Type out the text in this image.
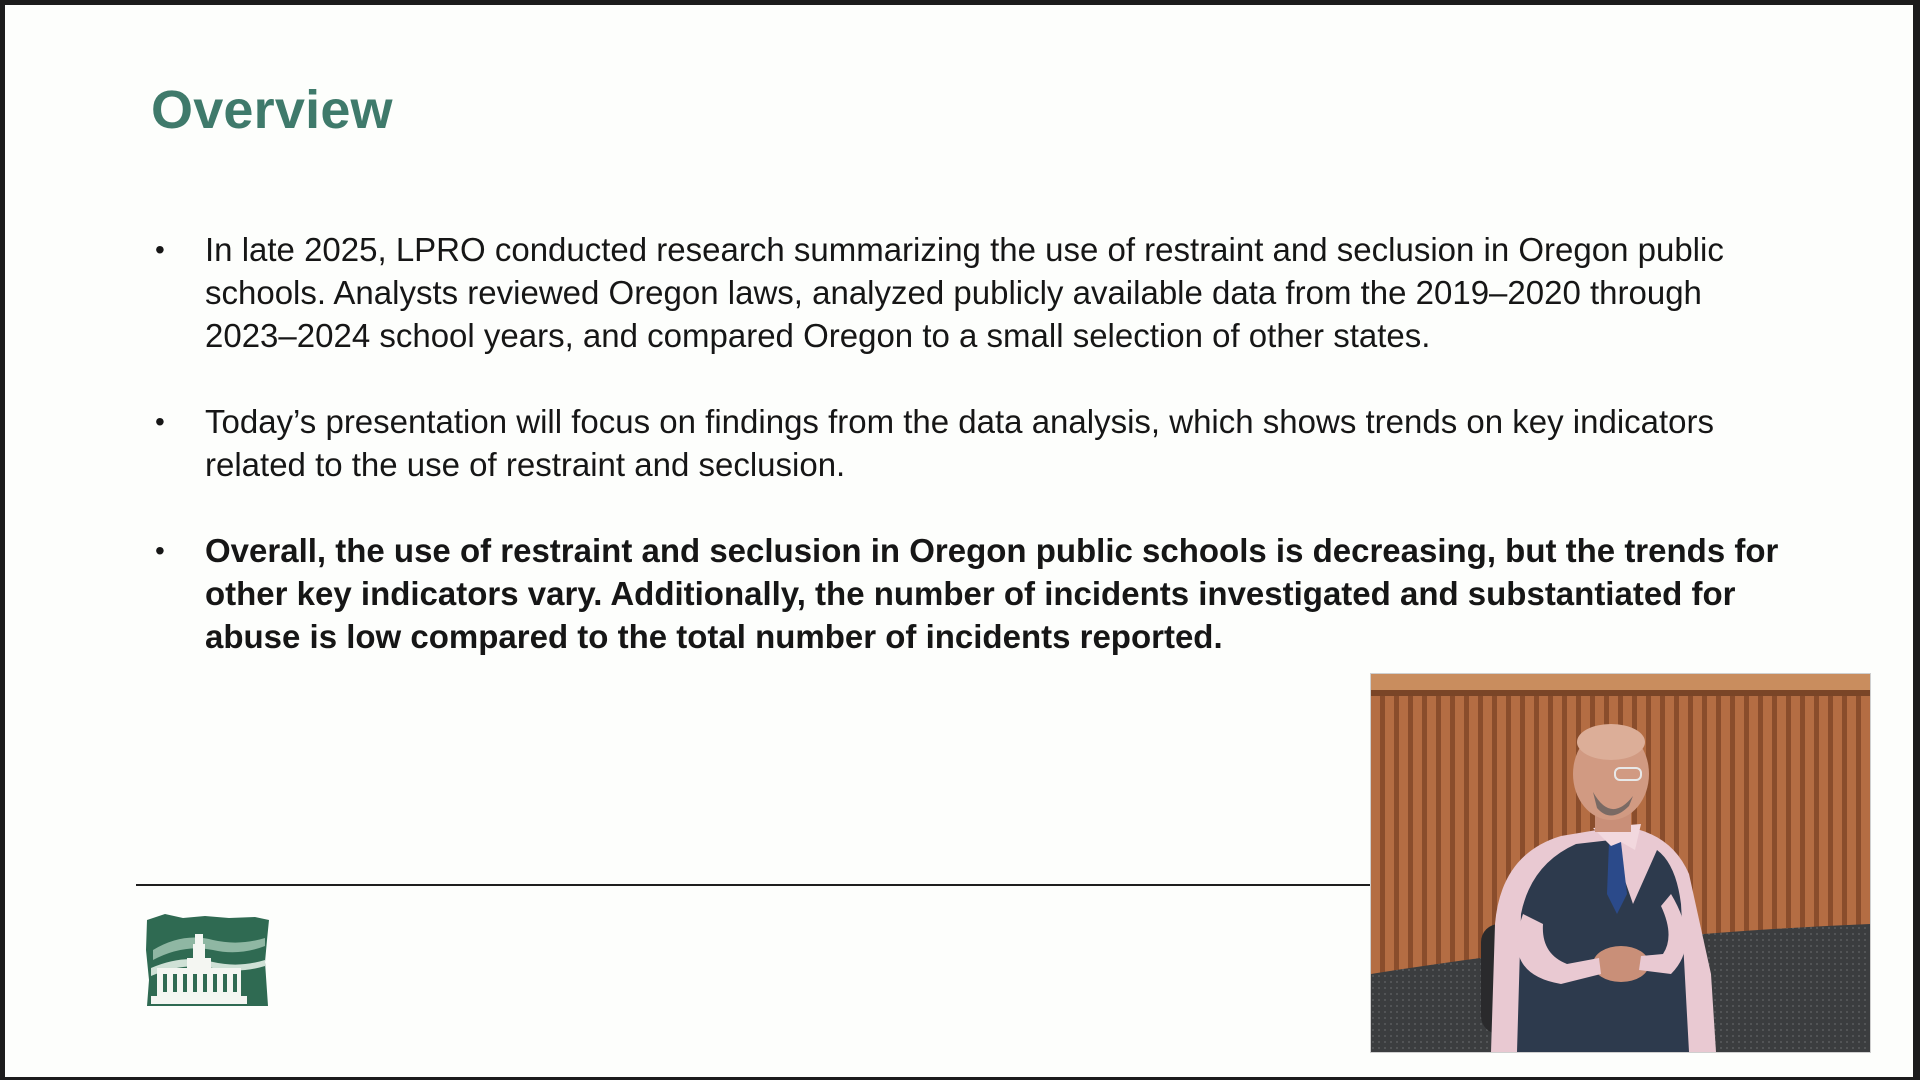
Overview
• In late 2025, LPRO conducted research summarizing the use of restraint and seclusion in Oregon public schools. Analysts reviewed Oregon laws, analyzed publicly available data from the 2019–2020 through 2023–2024 school years, and compared Oregon to a small selection of other states.
• Today’s presentation will focus on findings from the data analysis, which shows trends on key indicators related to the use of restraint and seclusion.
• Overall, the use of restraint and seclusion in Oregon public schools is decreasing, but the trends for other key indicators vary. Additionally, the number of incidents investigated and substantiated for abuse is low compared to the total number of incidents reported.
